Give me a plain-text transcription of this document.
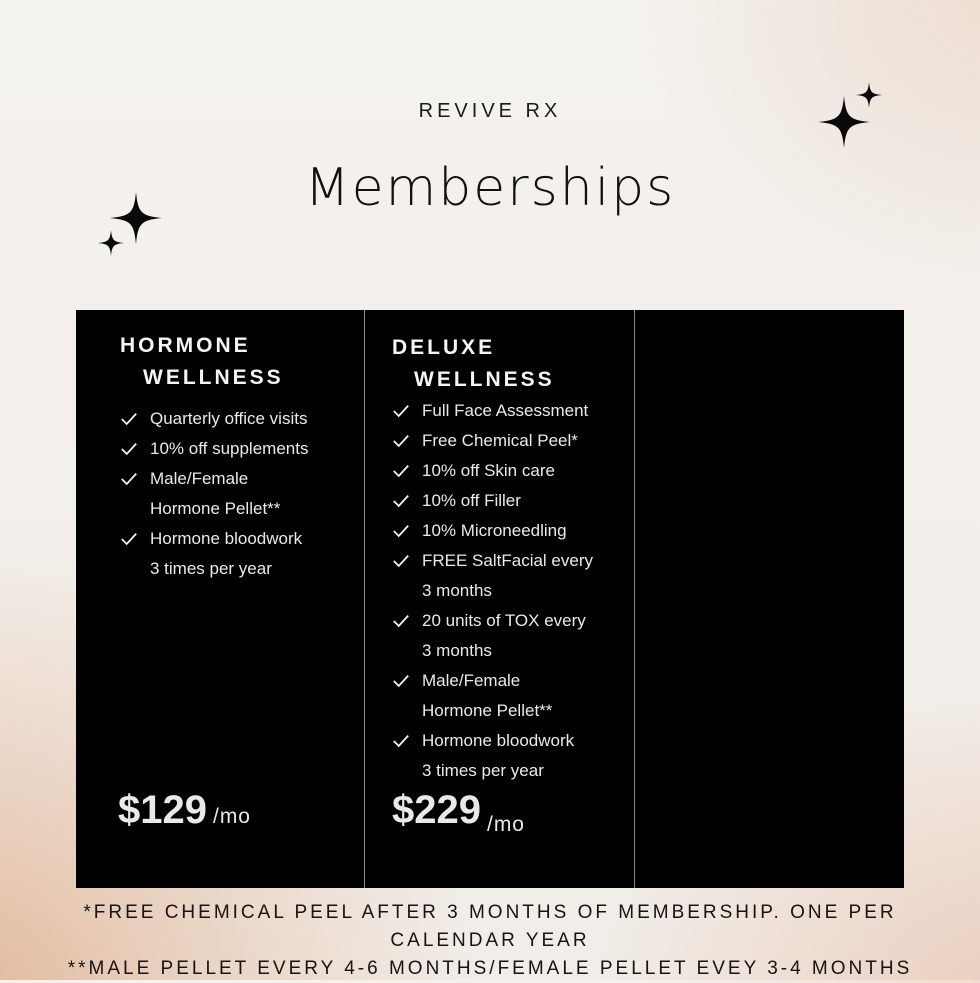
REVIVE RX
Memberships
HORMONE
WELLNESS
Quarterly office visits
10% off supplements
Male/Female
Hormone Pellet**
Hormone bloodwork
3 times per year
$129 /mo
DELUXE
WELLNESS
Full Face Assessment
Free Chemical Peel*
10% off Skin care
10% off Filler
10% Microneedling
FREE SaltFacial every
3 months
20 units of TOX every
3 months
Male/Female
Hormone Pellet**
Hormone bloodwork
3 times per year
$229 /mo
*FREE CHEMICAL PEEL AFTER 3 MONTHS OF MEMBERSHIP. ONE PER
CALENDAR YEAR
**MALE PELLET EVERY 4-6 MONTHS/FEMALE PELLET EVEY 3-4 MONTHS
